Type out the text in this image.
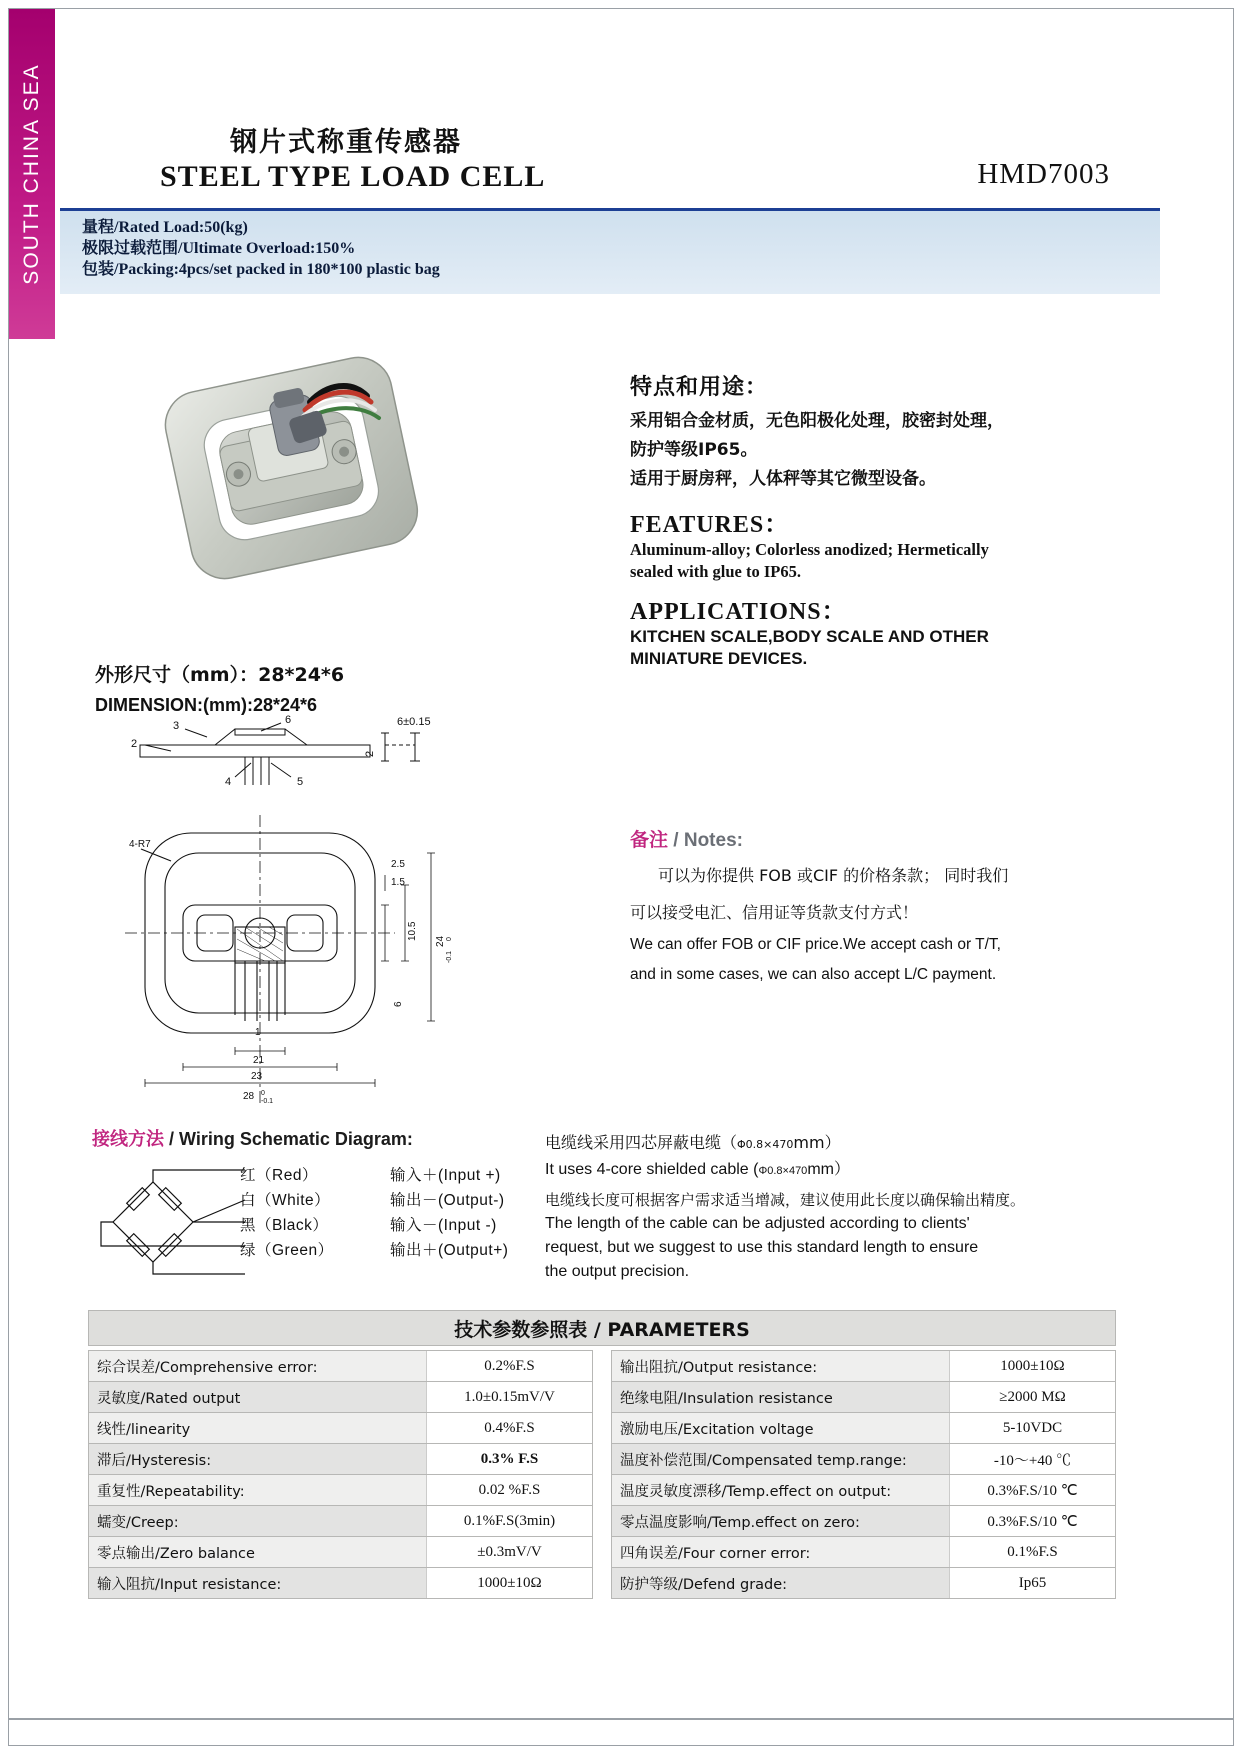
SOUTH CHINA SEA	钢片式称重传感器
STEEL TYPE LOAD CELL	HMD7003
量程/Rated Load:50(kg)
极限过载范围/Ultimate Overload:150%
包装/Packing:4pcs/set packed in 180*100 plastic bag
特点和用途：
采用铝合金材质，无色阳极化处理，胶密封处理，
防护等级IP65。
适用于厨房秤，人体秤等其它微型设备。
FEATURES：
Aluminum-alloy; Colorless anodized; Hermetically
sealed with glue to IP65.
APPLICATIONS：
KITCHEN SCALE,BODY SCALE AND OTHER
MINIATURE DEVICES.
外形尺寸（mm）：28*24*6
DIMENSION:(mm):28*24*6
3
2
4	5
6	6±0.15
2
4-R7
2.5
1.5
10.5
6
24 0
-0.1
1
21
23
28 0
-0.1
备注 / Notes:
可以为你提供 FOB 或CIF 的价格条款； 同时我们
可以接受电汇、信用证等货款支付方式！
We can offer FOB or CIF price.We accept cash or T/T,
and in some cases, we can also accept L/C payment.
接线方法 / Wiring Schematic Diagram:
红（Red）	输入＋(Input +)
白（White）	输出－(Output-)
黑（Black）	输入－(Input -)
绿（Green）	输出＋(Output+)
电缆线采用四芯屏蔽电缆（Φ0.8×470mm）
It uses 4-core shielded cable (Φ0.8×470mm）
电缆线长度可根据客户需求适当增减，建议使用此长度以确保输出精度。
The length of the cable can be adjusted according to clients'
request, but we suggest to use this standard length to ensure
the output precision.
技术参数参照表 / PARAMETERS
综合误差/Comprehensive error:	0.2%F.S
灵敏度/Rated output	1.0±0.15mV/V
线性/linearity	0.4%F.S
滞后/Hysteresis:	0.3% F.S
重复性/Repeatability:	0.02 %F.S
蠕变/Creep:	0.1%F.S(3min)
零点输出/Zero balance	±0.3mV/V
输入阻抗/Input resistance:	1000±10Ω
输出阻抗/Output resistance:	1000±10Ω
绝缘电阻/Insulation resistance	≥2000 MΩ
激励电压/Excitation voltage	5-10VDC
温度补偿范围/Compensated temp.range:	-10～+40 ℃
温度灵敏度漂移/Temp.effect on output:	0.3%F.S/10 ℃
零点温度影响/Temp.effect on zero:	0.3%F.S/10 ℃
四角误差/Four corner error:	0.1%F.S
防护等级/Defend grade:	Ip65
